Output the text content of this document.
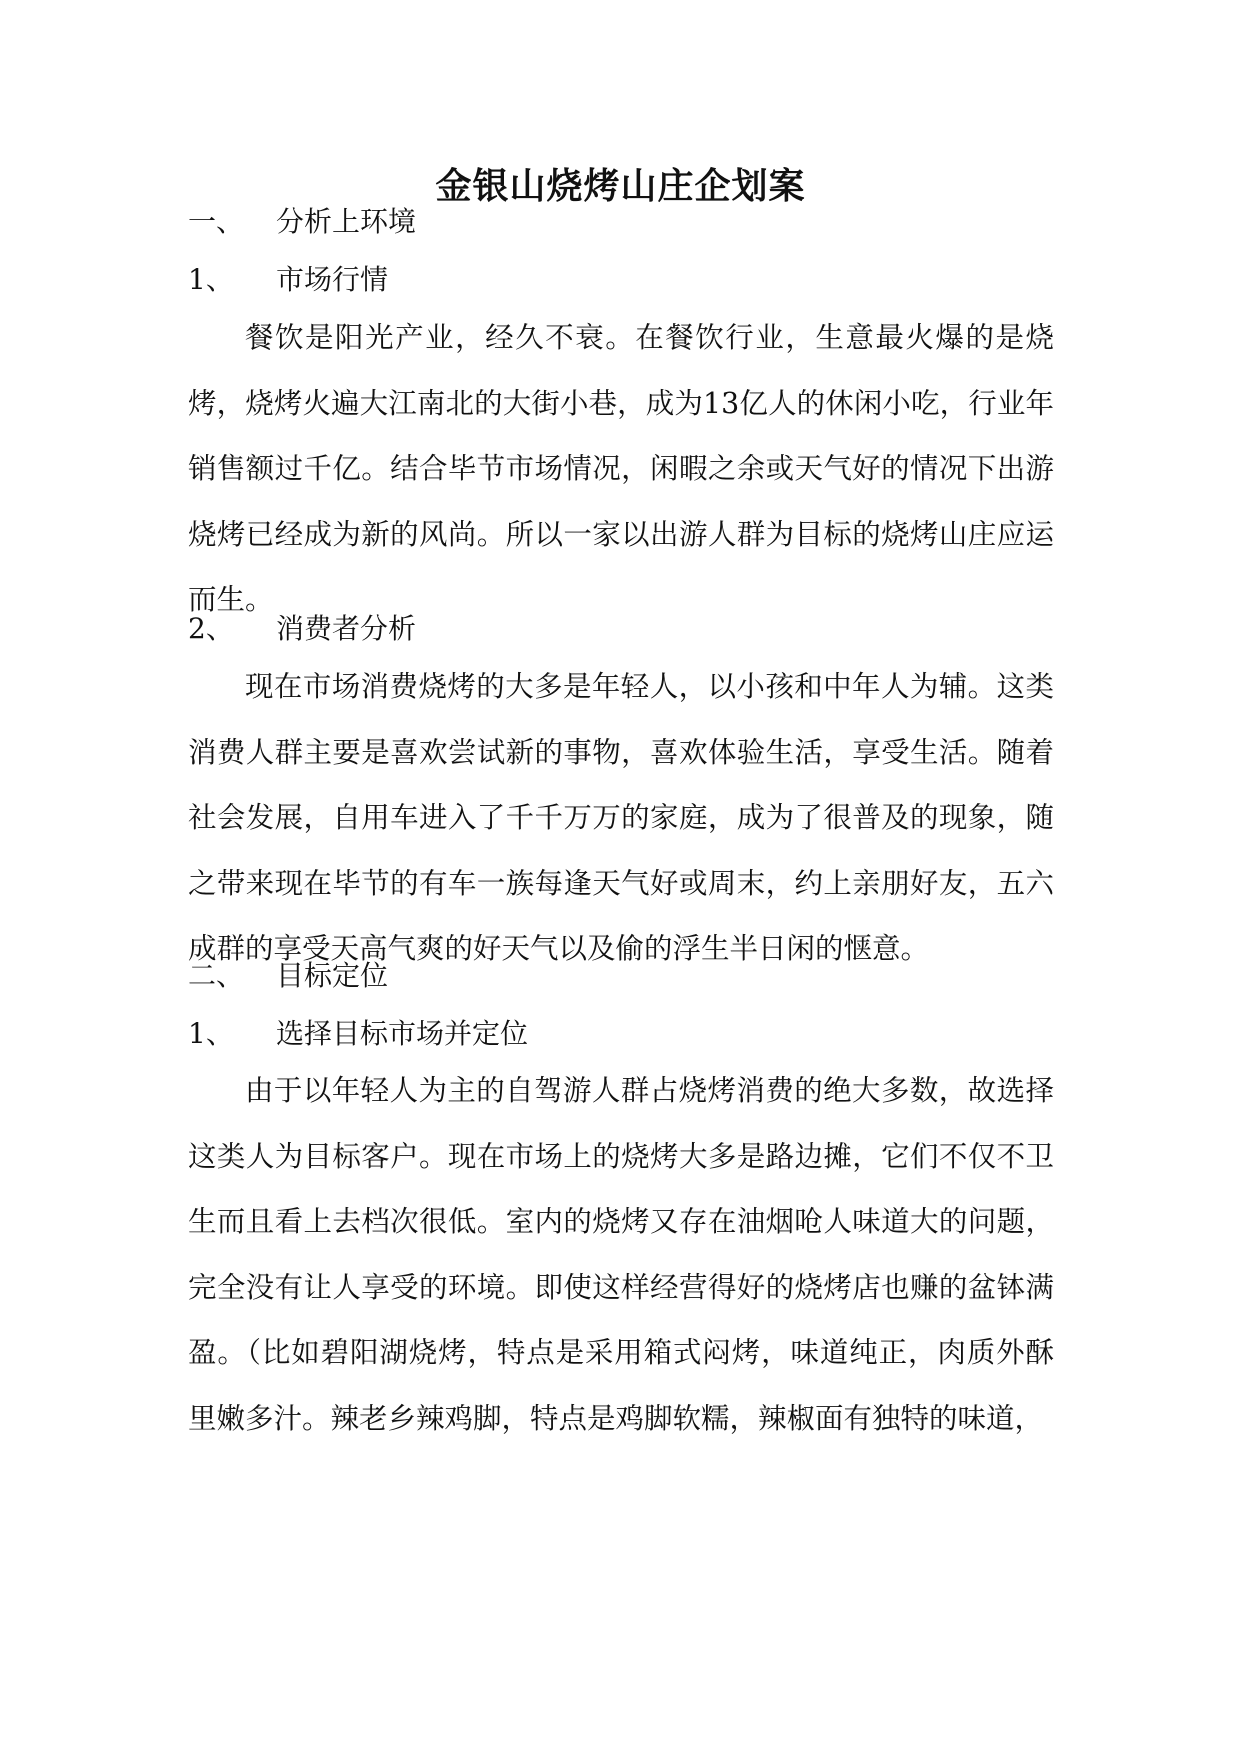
金银山烧烤山庄企划案
一、 分析上环境
1、 市场行情

餐饮是阳光产业，经久不衰。在餐饮行业，生意最火爆的是烧烤，烧烤火遍大江南北的大街小巷，成为13亿人的休闲小吃，行业年销售额过千亿。结合毕节市场情况，闲暇之余或天气好的情况下出游烧烤已经成为新的风尚。所以一家以出游人群为目标的烧烤山庄应运而生。

2、 消费者分析

现在市场消费烧烤的大多是年轻人，以小孩和中年人为辅。这类消费人群主要是喜欢尝试新的事物，喜欢体验生活，享受生活。随着社会发展，自用车进入了千千万万的家庭，成为了很普及的现象，随之带来现在毕节的有车一族每逢天气好或周末，约上亲朋好友，五六成群的享受天高气爽的好天气以及偷的浮生半日闲的惬意。

二、 目标定位
1、 选择目标市场并定位

由于以年轻人为主的自驾游人群占烧烤消费的绝大多数，故选择这类人为目标客户。现在市场上的烧烤大多是路边摊，它们不仅不卫生而且看上去档次很低。室内的烧烤又存在油烟呛人味道大的问题，完全没有让人享受的环境。即使这样经营得好的烧烤店也赚的盆钵满盈。（比如碧阳湖烧烤，特点是采用箱式闷烤，味道纯正，肉质外酥里嫩多汁。辣老乡辣鸡脚，特点是鸡脚软糯，辣椒面有独特的味道，
